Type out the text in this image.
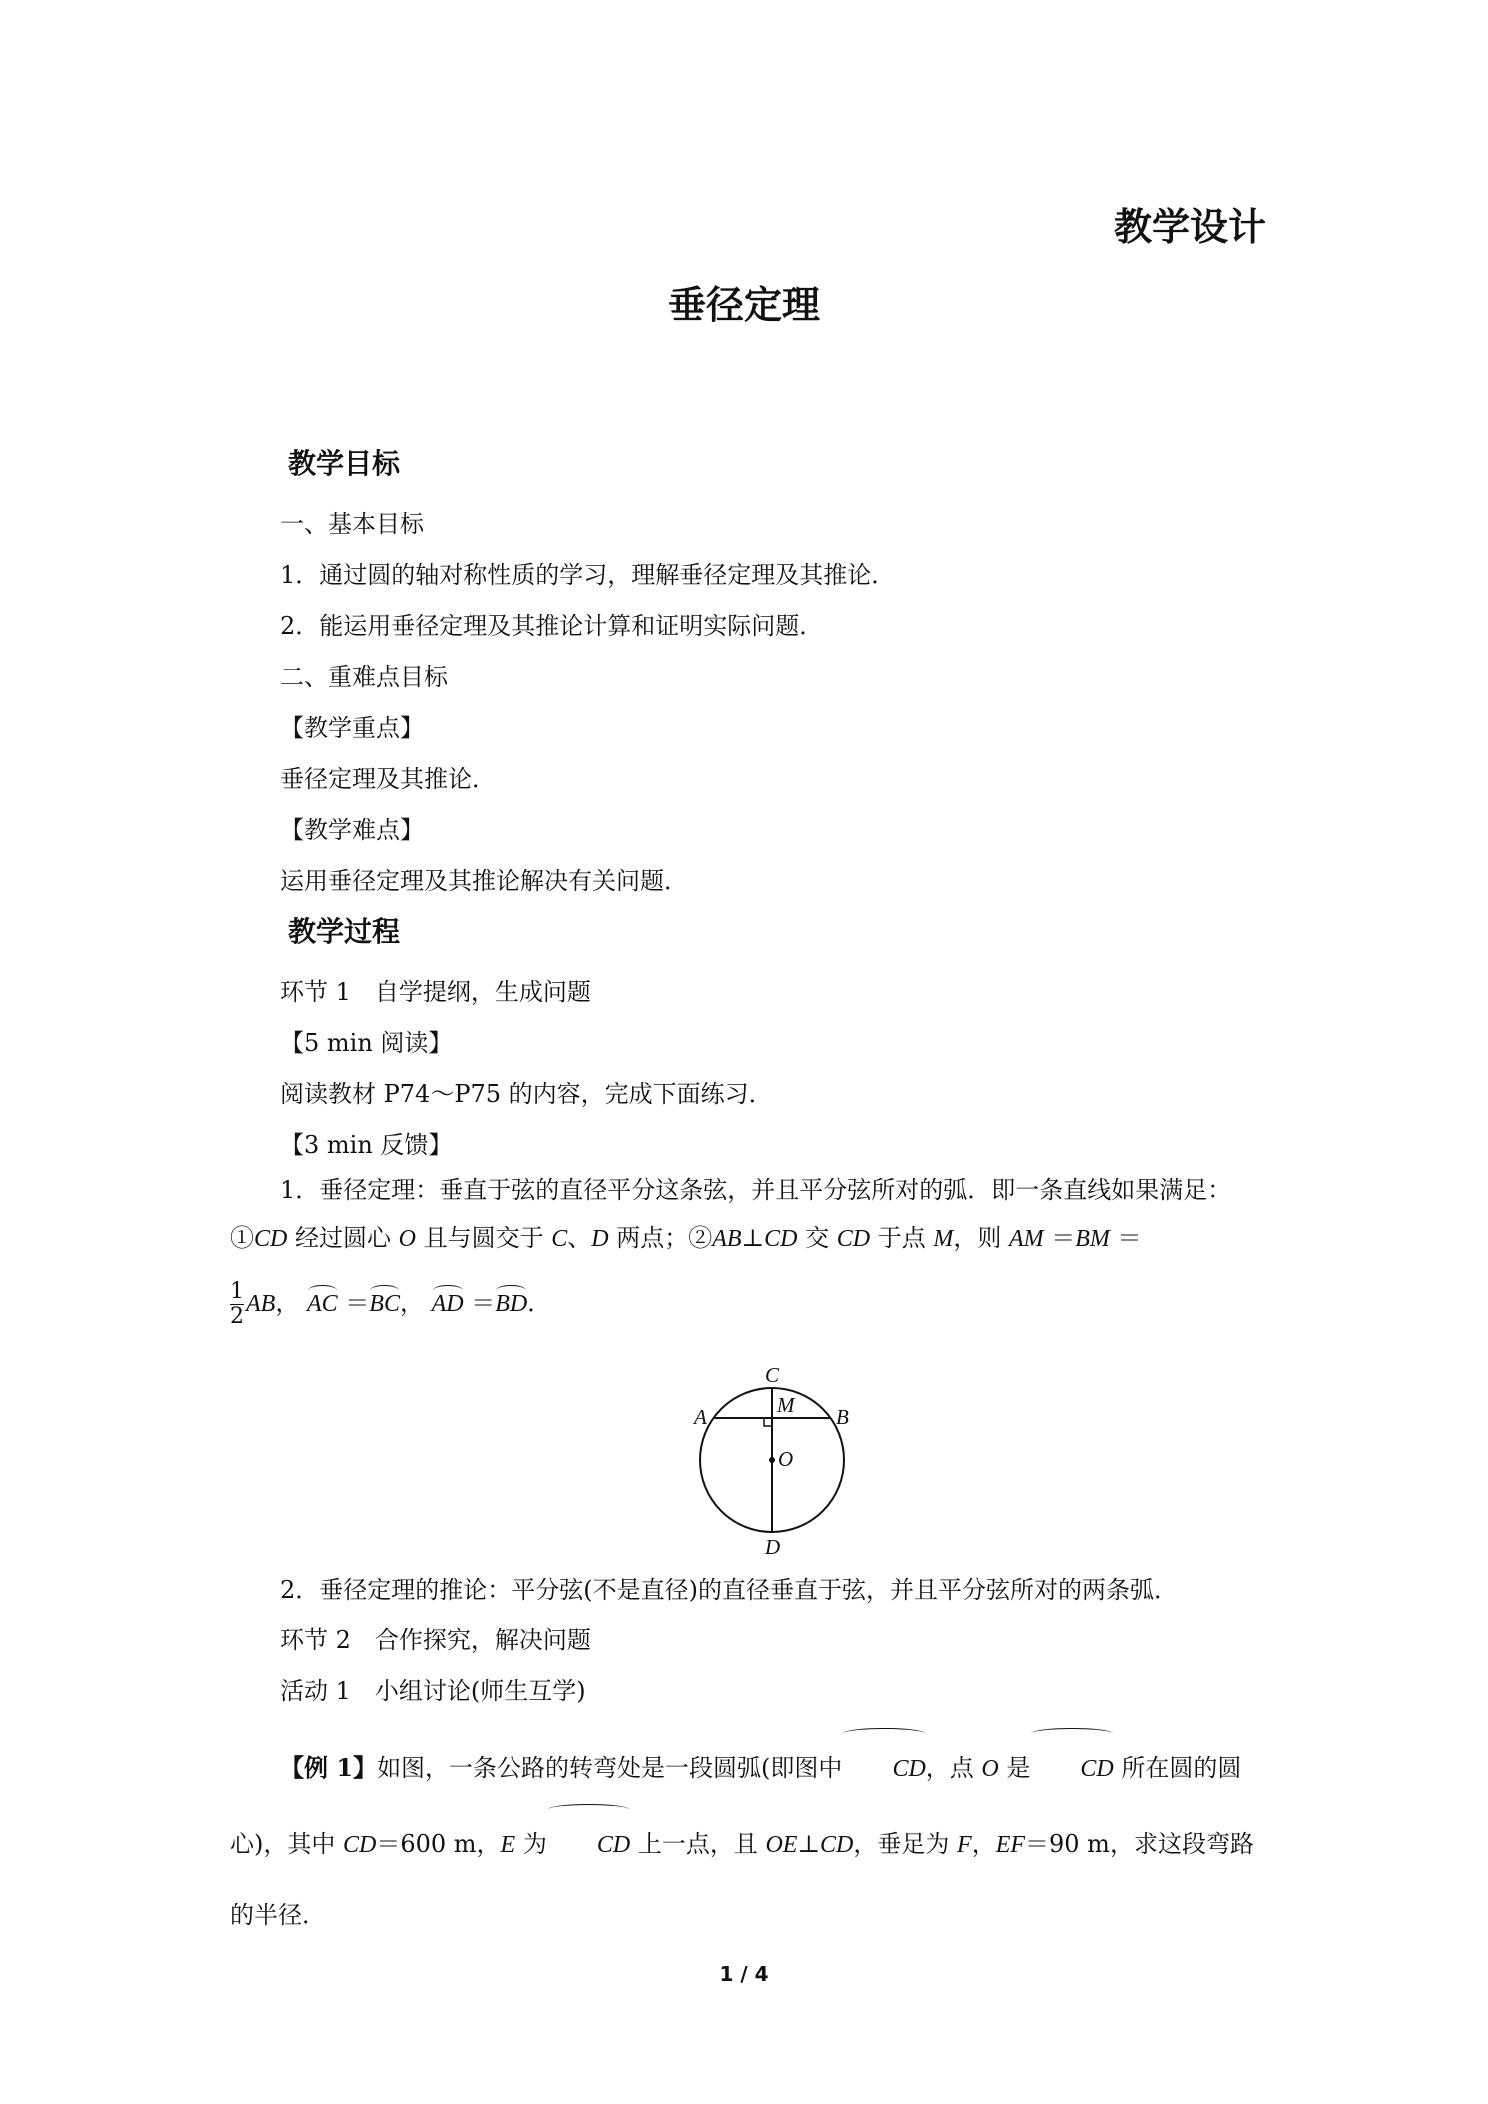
教学设计
垂径定理
教学目标
一、基本目标
1．通过圆的轴对称性质的学习，理解垂径定理及其推论．
2．能运用垂径定理及其推论计算和证明实际问题．
二、重难点目标
【教学重点】
垂径定理及其推论．
【教学难点】
运用垂径定理及其推论解决有关问题．
教学过程
环节 1　自学提纲，生成问题
【5 min 阅读】
阅读教材 P74～P75 的内容，完成下面练习．
【3 min 反馈】
1．垂径定理：垂直于弦的直径平分这条弦，并且平分弦所对的弧．即一条直线如果满足：①CD 经过圆心 O 且与圆交于 C、D 两点；②AB⊥CD 交 CD 于点 M，则 AM ＝BM ＝
$\frac{1}{2}$ AB， AC ＝BC， AD ＝BD．
C
A	B
M
O
D
2．垂径定理的推论：平分弦(不是直径)的直径垂直于弦，并且平分弦所对的两条弧．
环节 2　合作探究，解决问题
活动 1　小组讨论(师生互学)
【例 1】如图，一条公路的转弯处是一段圆弧(即图中 CD，点 O 是 CD 所在圆的圆心)，其中 CD＝600 m，E 为 CD 上一点，且 OE⊥CD，垂足为 F，EF＝90 m，求这段弯路的半径．
1 / 4
